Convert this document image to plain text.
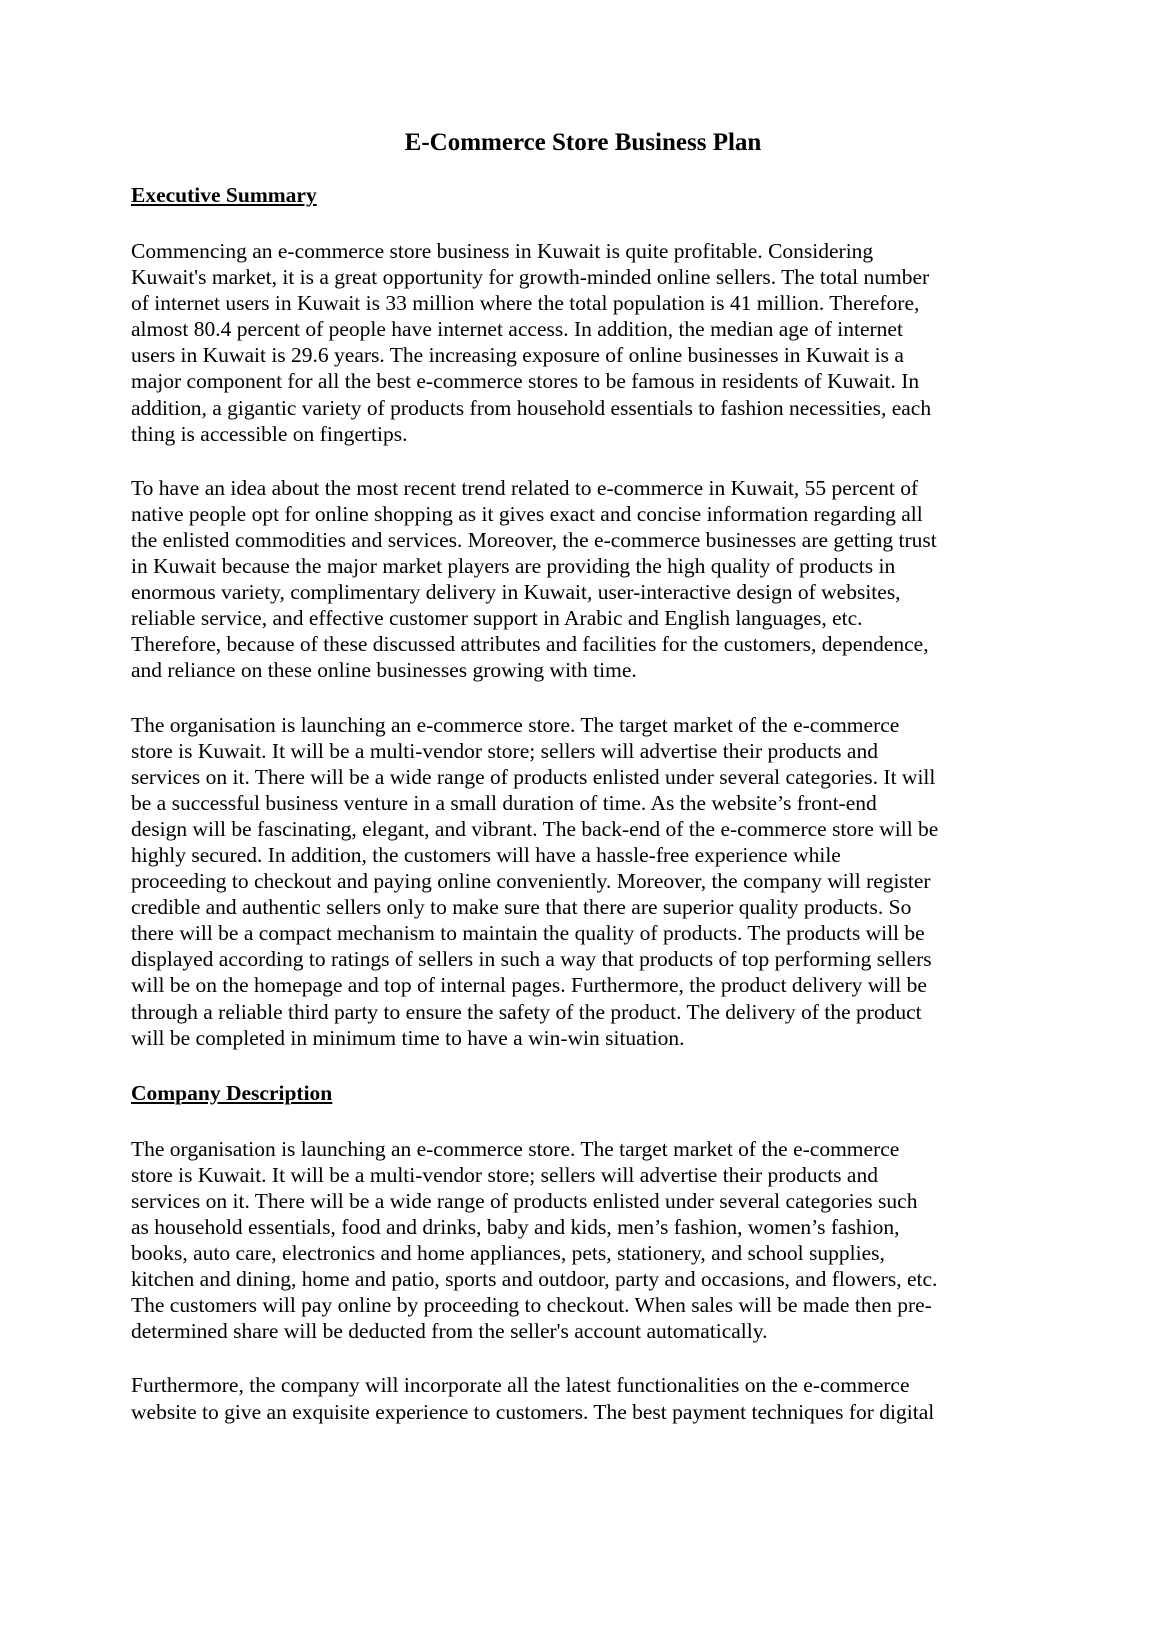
E-Commerce Store Business Plan
Executive Summary

Commencing an e-commerce store business in Kuwait is quite profitable. Considering
Kuwait's market, it is a great opportunity for growth-minded online sellers. The total number
of internet users in Kuwait is 33 million where the total population is 41 million. Therefore,
almost 80.4 percent of people have internet access. In addition, the median age of internet
users in Kuwait is 29.6 years. The increasing exposure of online businesses in Kuwait is a
major component for all the best e-commerce stores to be famous in residents of Kuwait. In
addition, a gigantic variety of products from household essentials to fashion necessities, each
thing is accessible on fingertips.

To have an idea about the most recent trend related to e-commerce in Kuwait, 55 percent of
native people opt for online shopping as it gives exact and concise information regarding all
the enlisted commodities and services. Moreover, the e-commerce businesses are getting trust
in Kuwait because the major market players are providing the high quality of products in
enormous variety, complimentary delivery in Kuwait, user-interactive design of websites,
reliable service, and effective customer support in Arabic and English languages, etc.
Therefore, because of these discussed attributes and facilities for the customers, dependence,
and reliance on these online businesses growing with time.

The organisation is launching an e-commerce store. The target market of the e-commerce
store is Kuwait. It will be a multi-vendor store; sellers will advertise their products and
services on it. There will be a wide range of products enlisted under several categories. It will
be a successful business venture in a small duration of time. As the website’s front-end
design will be fascinating, elegant, and vibrant. The back-end of the e-commerce store will be
highly secured. In addition, the customers will have a hassle-free experience while
proceeding to checkout and paying online conveniently. Moreover, the company will register
credible and authentic sellers only to make sure that there are superior quality products. So
there will be a compact mechanism to maintain the quality of products. The products will be
displayed according to ratings of sellers in such a way that products of top performing sellers
will be on the homepage and top of internal pages. Furthermore, the product delivery will be
through a reliable third party to ensure the safety of the product. The delivery of the product
will be completed in minimum time to have a win-win situation.

Company Description

The organisation is launching an e-commerce store. The target market of the e-commerce
store is Kuwait. It will be a multi-vendor store; sellers will advertise their products and
services on it. There will be a wide range of products enlisted under several categories such
as household essentials, food and drinks, baby and kids, men’s fashion, women’s fashion,
books, auto care, electronics and home appliances, pets, stationery, and school supplies,
kitchen and dining, home and patio, sports and outdoor, party and occasions, and flowers, etc.
The customers will pay online by proceeding to checkout. When sales will be made then pre-
determined share will be deducted from the seller's account automatically.

Furthermore, the company will incorporate all the latest functionalities on the e-commerce
website to give an exquisite experience to customers. The best payment techniques for digital
